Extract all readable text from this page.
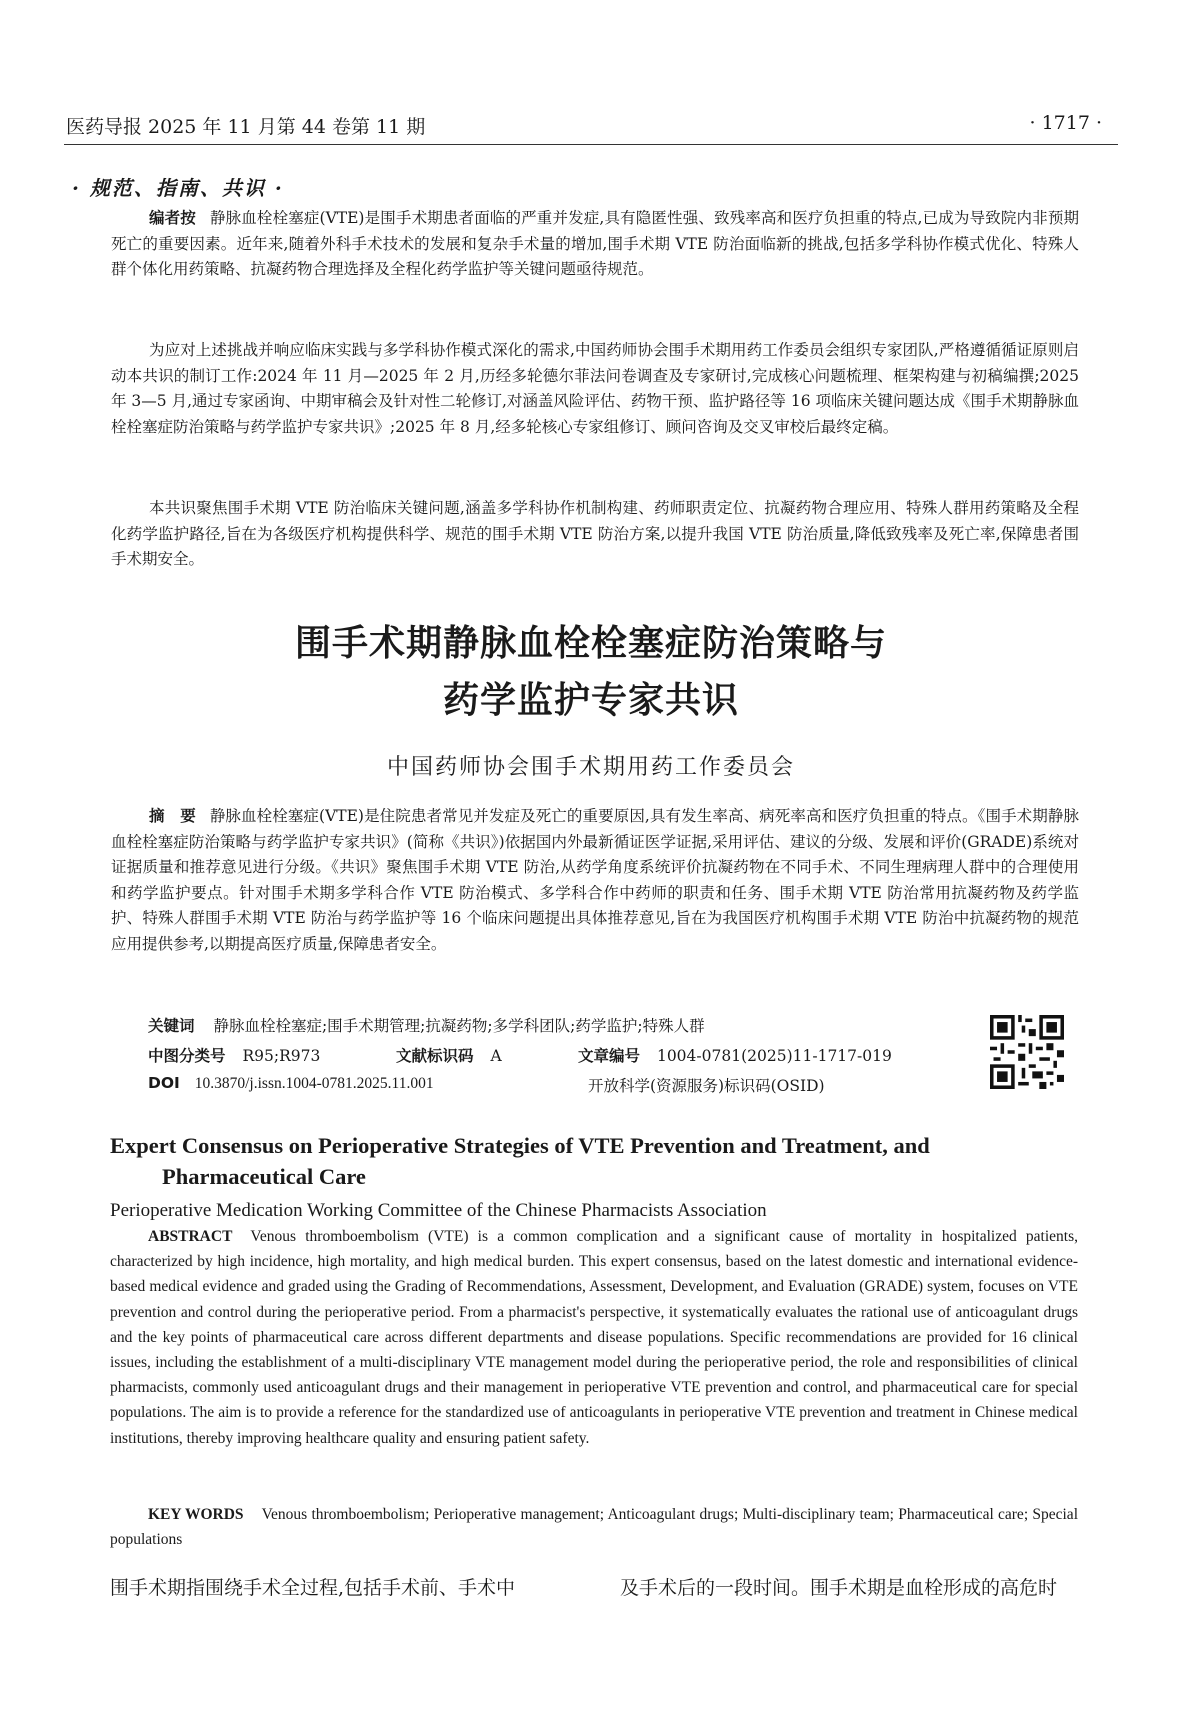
医药导报 2025 年 11 月第 44 卷第 11 期	· 1717 ·
· 规范、指南、共识 ·
编者按 静脉血栓栓塞症(VTE)是围手术期患者面临的严重并发症,具有隐匿性强、致残率高和医疗负担重的特点,已成为导致院内非预期死亡的重要因素。近年来,随着外科手术技术的发展和复杂手术量的增加,围手术期 VTE 防治面临新的挑战,包括多学科协作模式优化、特殊人群个体化用药策略、抗凝药物合理选择及全程化药学监护等关键问题亟待规范。
为应对上述挑战并响应临床实践与多学科协作模式深化的需求,中国药师协会围手术期用药工作委员会组织专家团队,严格遵循循证原则启动本共识的制订工作:2024 年 11 月—2025 年 2 月,历经多轮德尔菲法问卷调查及专家研讨,完成核心问题梳理、框架构建与初稿编撰;2025 年 3—5 月,通过专家函询、中期审稿会及针对性二轮修订,对涵盖风险评估、药物干预、监护路径等 16 项临床关键问题达成《围手术期静脉血栓栓塞症防治策略与药学监护专家共识》;2025 年 8 月,经多轮核心专家组修订、顾问咨询及交叉审校后最终定稿。
本共识聚焦围手术期 VTE 防治临床关键问题,涵盖多学科协作机制构建、药师职责定位、抗凝药物合理应用、特殊人群用药策略及全程化药学监护路径,旨在为各级医疗机构提供科学、规范的围手术期 VTE 防治方案,以提升我国 VTE 防治质量,降低致残率及死亡率,保障患者围手术期安全。
围手术期静脉血栓栓塞症防治策略与
药学监护专家共识
中国药师协会围手术期用药工作委员会
摘　要 静脉血栓栓塞症(VTE)是住院患者常见并发症及死亡的重要原因,具有发生率高、病死率高和医疗负担重的特点。《围手术期静脉血栓栓塞症防治策略与药学监护专家共识》(简称《共识》)依据国内外最新循证医学证据,采用评估、建议的分级、发展和评价(GRADE)系统对证据质量和推荐意见进行分级。《共识》聚焦围手术期 VTE 防治,从药学角度系统评价抗凝药物在不同手术、不同生理病理人群中的合理使用和药学监护要点。针对围手术期多学科合作 VTE 防治模式、多学科合作中药师的职责和任务、围手术期 VTE 防治常用抗凝药物及药学监护、特殊人群围手术期 VTE 防治与药学监护等 16 个临床问题提出具体推荐意见,旨在为我国医疗机构围手术期 VTE 防治中抗凝药物的规范应用提供参考,以期提高医疗质量,保障患者安全。
关键词 静脉血栓栓塞症;围手术期管理;抗凝药物;多学科团队;药学监护;特殊人群
中图分类号 R95;R973	文献标识码 A	文章编号 1004-0781(2025)11-1717-019
DOI 10.3870/j.issn.1004-0781.2025.11.001	开放科学(资源服务)标识码(OSID)
Expert Consensus on Perioperative Strategies of VTE Prevention and Treatment, and
Pharmaceutical Care
Perioperative Medication Working Committee of the Chinese Pharmacists Association
ABSTRACT Venous thromboembolism (VTE) is a common complication and a significant cause of mortality in hospitalized patients, characterized by high incidence, high mortality, and high medical burden. This expert consensus, based on the latest domestic and international evidence-based medical evidence and graded using the Grading of Recommendations, Assessment, Development, and Evaluation (GRADE) system, focuses on VTE prevention and control during the perioperative period. From a pharmacist's perspective, it systematically evaluates the rational use of anticoagulant drugs and the key points of pharmaceutical care across different departments and disease populations. Specific recommendations are provided for 16 clinical issues, including the establishment of a multi-disciplinary VTE management model during the perioperative period, the role and responsibilities of clinical pharmacists, commonly used anticoagulant drugs and their management in perioperative VTE prevention and control, and pharmaceutical care for special populations. The aim is to provide a reference for the standardized use of anticoagulants in perioperative VTE prevention and treatment in Chinese medical institutions, thereby improving healthcare quality and ensuring patient safety.
KEY WORDS Venous thromboembolism; Perioperative management; Anticoagulant drugs; Multi-disciplinary team; Pharmaceutical care; Special populations
围手术期指围绕手术全过程,包括手术前、手术中	及手术后的一段时间。围手术期是血栓形成的高危时
